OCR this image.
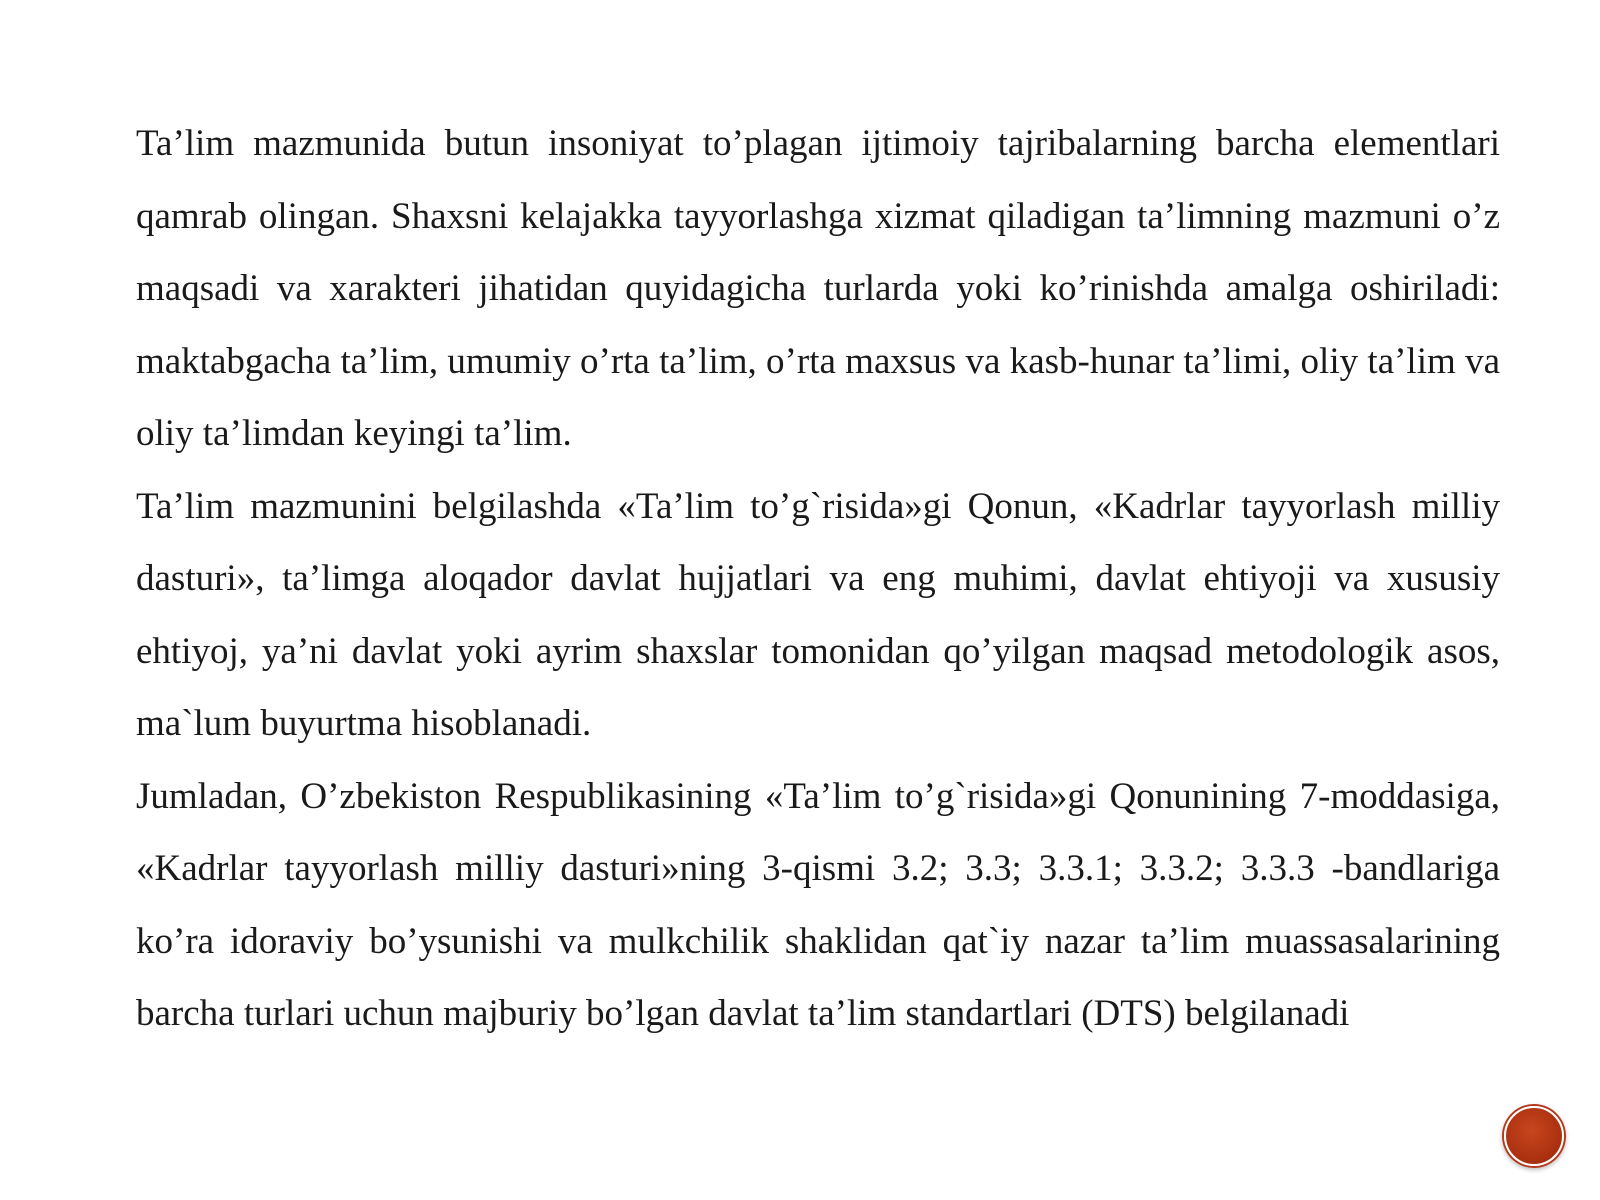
Ta’lim mazmunida butun insoniyat to’plagan ijtimoiy tajribalarning barcha elementlari qamrab olingan. Shaxsni kelajakka tayyorlashga xizmat qiladigan ta’limning mazmuni o’z maqsadi va xarakteri jihatidan quyidagicha turlarda yoki ko’rinishda amalga oshiriladi: maktabgacha ta’lim, umumiy o’rta ta’lim, o’rta maxsus va kasb-hunar ta’limi, oliy ta’lim va oliy ta’limdan keyingi ta’lim.

Ta’lim mazmunini belgilashda «Ta’lim to’g`risida»gi Qonun, «Kadrlar tayyorlash milliy dasturi», ta’limga aloqador davlat hujjatlari va eng muhimi, davlat ehtiyoji va xususiy ehtiyoj, ya’ni davlat yoki ayrim shaxslar tomonidan qo’yilgan maqsad metodologik asos, ma`lum buyurtma hisoblanadi.

Jumladan, O’zbekiston Respublikasining «Ta’lim to’g`risida»gi Qonunining 7-moddasiga, «Kadrlar tayyorlash milliy dasturi»ning 3-qismi 3.2; 3.3; 3.3.1; 3.3.2; 3.3.3 -bandlariga ko’ra idoraviy bo’ysunishi va mulkchilik shaklidan qat`iy nazar ta’lim muassasalarining barcha turlari uchun majburiy bo’lgan davlat ta’lim standartlari (DTS) belgilanadi
